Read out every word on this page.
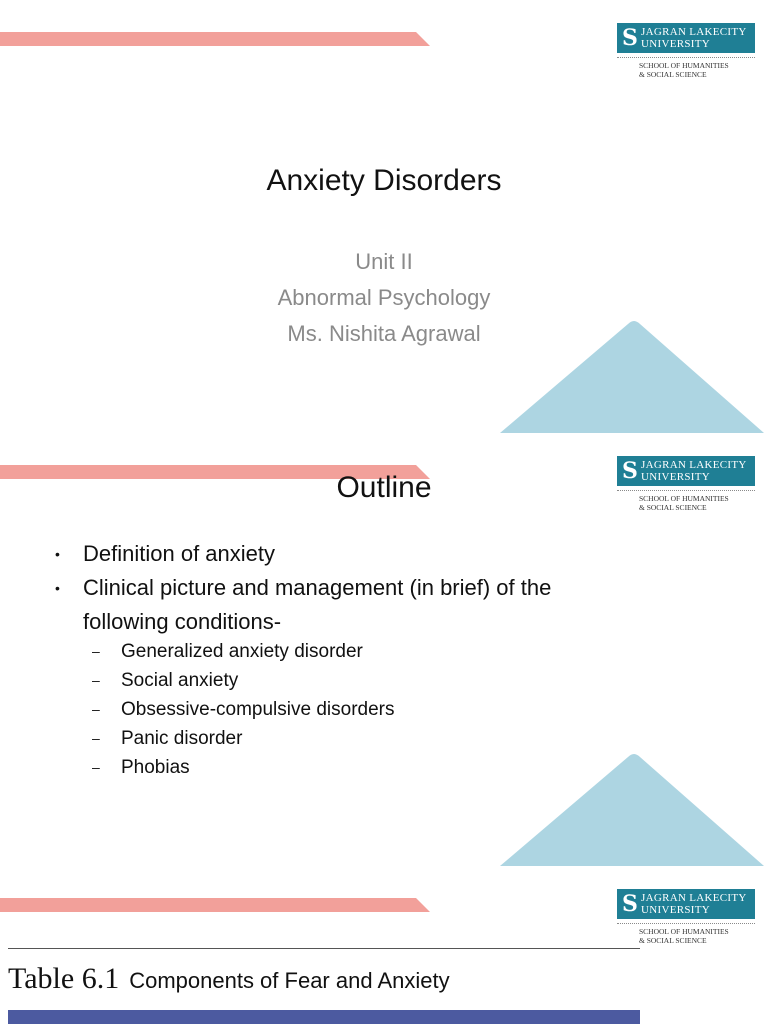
S JAGRAN LAKECITY
UNIVERSITY
SCHOOL OF HUMANITIES
& SOCIAL SCIENCE
Anxiety Disorders
Unit II
Abnormal Psychology
Ms. Nishita Agrawal
S JAGRAN LAKECITY
UNIVERSITY
SCHOOL OF HUMANITIES
& SOCIAL SCIENCE
Outline
• Definition of anxiety
• Clinical picture and management (in brief) of the
following conditions-
– Generalized anxiety disorder
– Social anxiety
– Obsessive-compulsive disorders
– Panic disorder
– Phobias
S JAGRAN LAKECITY
UNIVERSITY
SCHOOL OF HUMANITIES
& SOCIAL SCIENCE
Table 6.1 Components of Fear and Anxiety
